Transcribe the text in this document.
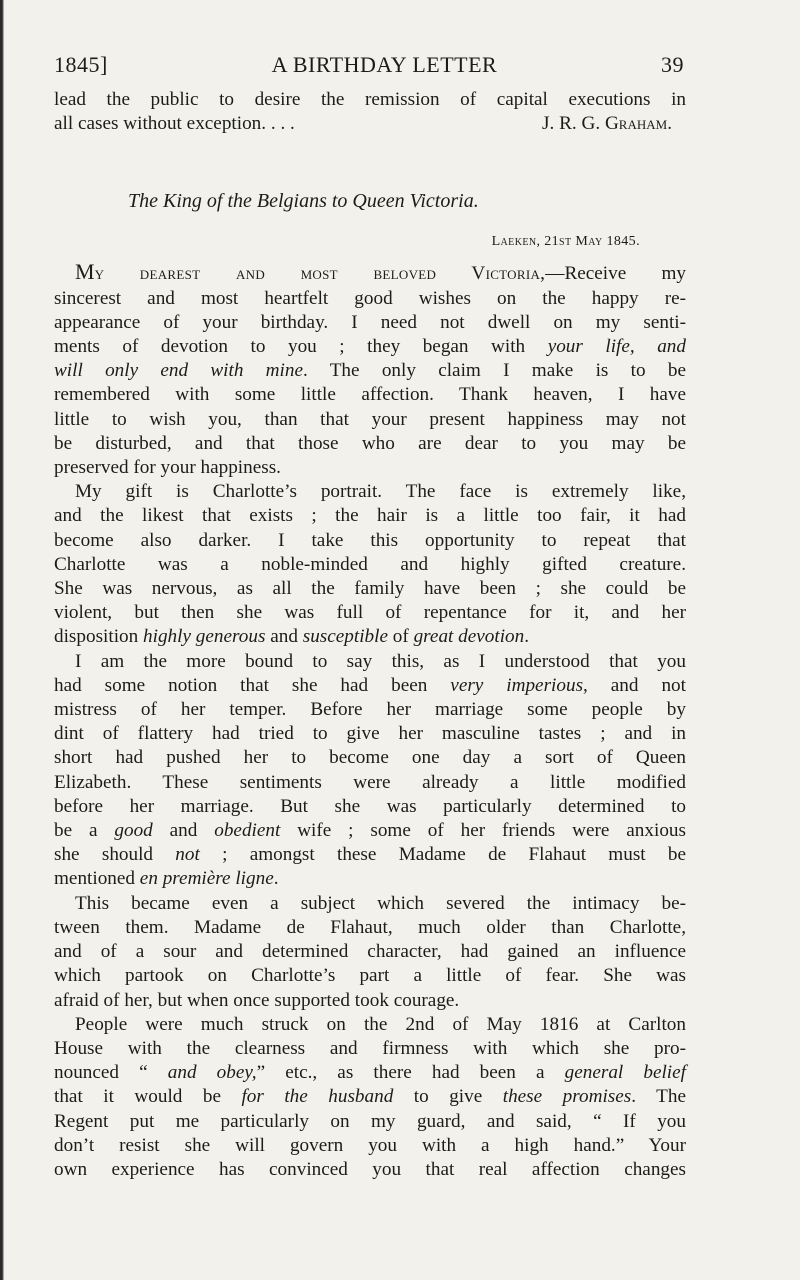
1845]	A BIRTHDAY LETTER	39
lead the public to desire the remission of capital executions in
all cases without exception. . . .	J. R. G. Graham.
The King of the Belgians to Queen Victoria.
Laeken, 21st May 1845.
My dearest and most beloved Victoria,—Receive my
sincerest and most heartfelt good wishes on the happy re-
appearance of your birthday. I need not dwell on my senti-
ments of devotion to you ; they began with your life, and
will only end with mine. The only claim I make is to be
remembered with some little affection. Thank heaven, I have
little to wish you, than that your present happiness may not
be disturbed, and that those who are dear to you may be
preserved for your happiness.
My gift is Charlotte’s portrait. The face is extremely like,
and the likest that exists ; the hair is a little too fair, it had
become also darker. I take this opportunity to repeat that
Charlotte was a noble-minded and highly gifted creature.
She was nervous, as all the family have been ; she could be
violent, but then she was full of repentance for it, and her
disposition highly generous and susceptible of great devotion.
I am the more bound to say this, as I understood that you
had some notion that she had been very imperious, and not
mistress of her temper. Before her marriage some people by
dint of flattery had tried to give her masculine tastes ; and in
short had pushed her to become one day a sort of Queen
Elizabeth. These sentiments were already a little modified
before her marriage. But she was particularly determined to
be a good and obedient wife ; some of her friends were anxious
she should not ; amongst these Madame de Flahaut must be
mentioned en première ligne.
This became even a subject which severed the intimacy be-
tween them. Madame de Flahaut, much older than Charlotte,
and of a sour and determined character, had gained an influence
which partook on Charlotte’s part a little of fear. She was
afraid of her, but when once supported took courage.
People were much struck on the 2nd of May 1816 at Carlton
House with the clearness and firmness with which she pro-
nounced “ and obey,” etc., as there had been a general belief
that it would be for the husband to give these promises. The
Regent put me particularly on my guard, and said, “ If you
don’t resist she will govern you with a high hand.” Your
own experience has convinced you that real affection changes
